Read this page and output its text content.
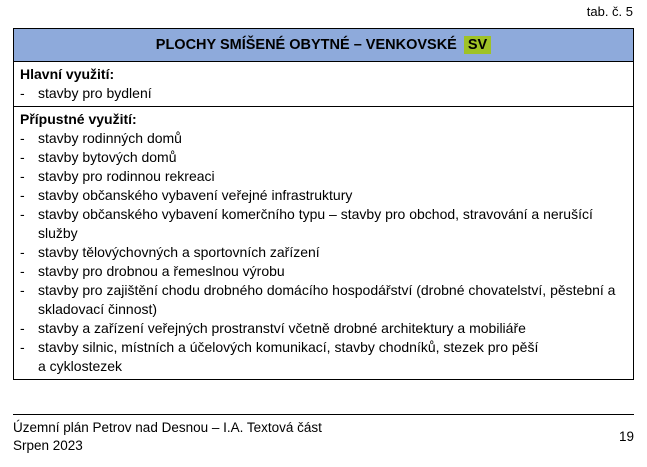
tab. č. 5
PLOCHY SMÍŠENÉ OBYTNÉ – VENKOVSKÉ SV
Hlavní využití:
- stavby pro bydlení
Přípustné využití:
- stavby rodinných domů
- stavby bytových domů
- stavby pro rodinnou rekreaci
- stavby občanského vybavení veřejné infrastruktury
- stavby občanského vybavení komerčního typu – stavby pro obchod, stravování a nerušící služby
- stavby tělovýchovných a sportovních zařízení
- stavby pro drobnou a řemeslnou výrobu
- stavby pro zajištění chodu drobného domácího hospodářství (drobné chovatelství, pěstební a skladovací činnost)
- stavby a zařízení veřejných prostranství včetně drobné architektury a mobiliáře
- stavby silnic, místních a účelových komunikací, stavby chodníků, stezek pro pěší a cyklostezek
Územní plán Petrov nad Desnou – I.A. Textová část
Srpen 2023
19
